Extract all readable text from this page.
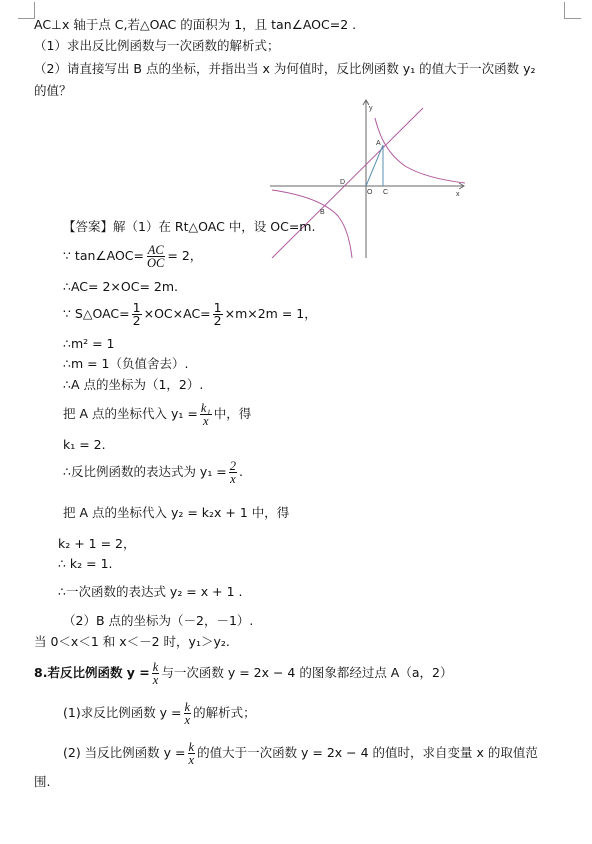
AC⊥x 轴于点 C,若△OAC 的面积为 1，且 tan∠AOC=2 .
（1）求出反比例函数与一次函数的解析式；
（2）请直接写出 B 点的坐标，并指出当 x 为何值时，反比例函数 y₁ 的值大于一次函数 y₂
的值？
y
x
A
B
C
D
O
【答案】解（1）在 Rt△OAC 中，设 OC=m.
∵ tan∠AOC= $\frac{AC}{OC} = 2$，
∴AC= 2×OC= 2m.
∵ S△OAC= $\frac{1}{2} \times OC\times AC= \frac{1}{2} \times m\times 2m = 1$，
∴m² = 1
∴m = 1（负值舍去）.
∴A 点的坐标为（1，2）.
把 A 点的坐标代入 $y_1 = \frac{\text{k₁}}{x}$ 中，得
k₁ = 2.
∴反比例函数的表达式为 $y_1 = \frac{2}{x}$ .
把 A 点的坐标代入 y₂ = k₂x + 1 中，得
k₂ + 1 = 2，
∴ k₂ = 1.
∴一次函数的表达式 y₂ = x + 1 .
（2）B 点的坐标为（－2，－1）.
当 0＜x＜1 和 x＜－2 时，y₁＞y₂.
8.若反比例函数 $y = \frac{k}{x}$ 与一次函数 y = 2x − 4 的图象都经过点 A（a，2）
(1)求反比例函数 $y = \frac{k}{x}$ 的解析式；
(2) 当反比例函数 $y = \frac{k}{x}$ 的值大于一次函数 y = 2x − 4 的值时，求自变量 x 的取值范
围.
